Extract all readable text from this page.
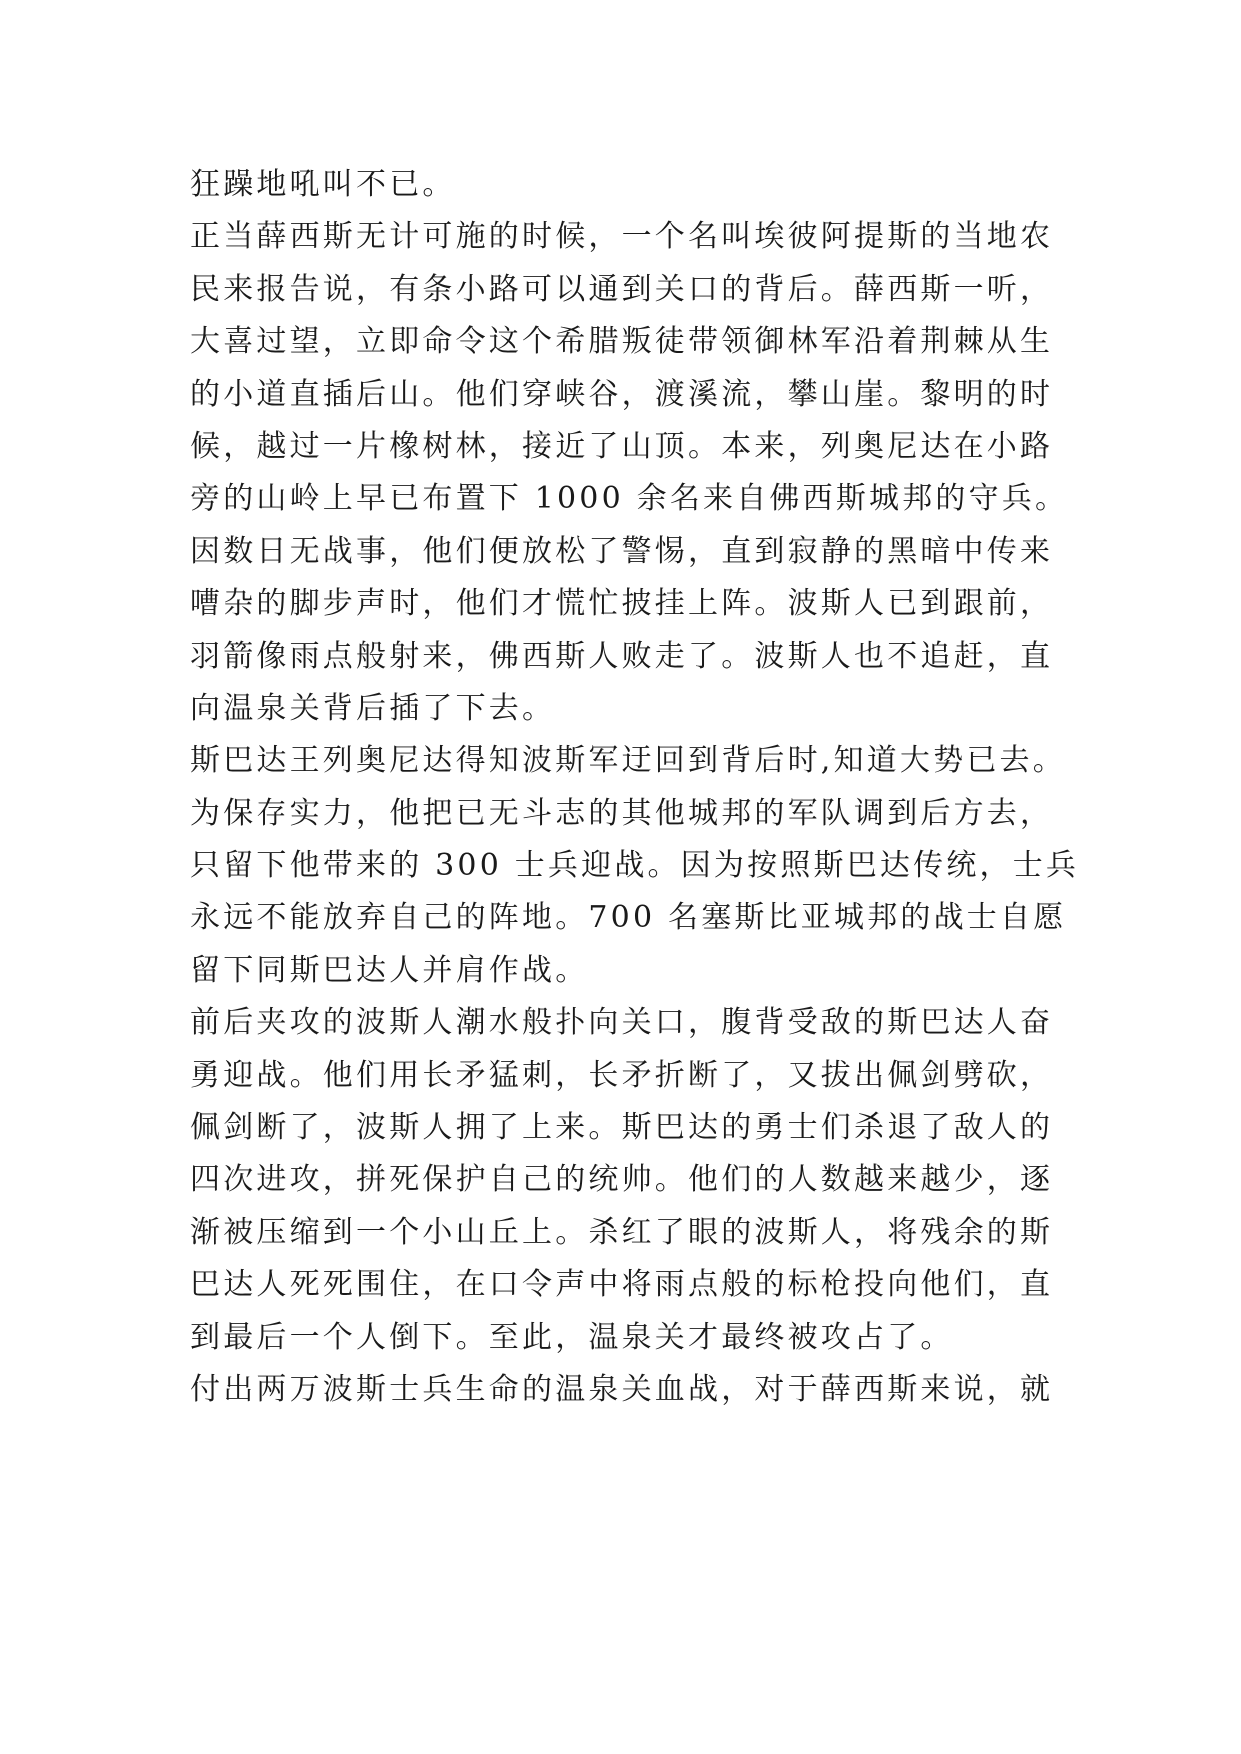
狂躁地吼叫不已。
正当薛西斯无计可施的时候，一个名叫埃彼阿提斯的当地农
民来报告说，有条小路可以通到关口的背后。薛西斯一听，
大喜过望，立即命令这个希腊叛徒带领御林军沿着荆棘从生
的小道直插后山。他们穿峡谷，渡溪流，攀山崖。黎明的时
候，越过一片橡树林，接近了山顶。本来，列奥尼达在小路
旁的山岭上早已布置下 1000 余名来自佛西斯城邦的守兵。
因数日无战事，他们便放松了警惕，直到寂静的黑暗中传来
嘈杂的脚步声时，他们才慌忙披挂上阵。波斯人已到跟前，
羽箭像雨点般射来，佛西斯人败走了。波斯人也不追赶，直
向温泉关背后插了下去。
斯巴达王列奥尼达得知波斯军迂回到背后时,知道大势已去。
为保存实力，他把已无斗志的其他城邦的军队调到后方去，
只留下他带来的 300 士兵迎战。因为按照斯巴达传统，士兵
永远不能放弃自己的阵地。700 名塞斯比亚城邦的战士自愿
留下同斯巴达人并肩作战。
前后夹攻的波斯人潮水般扑向关口，腹背受敌的斯巴达人奋
勇迎战。他们用长矛猛刺，长矛折断了，又拔出佩剑劈砍，
佩剑断了，波斯人拥了上来。斯巴达的勇士们杀退了敌人的
四次进攻，拼死保护自己的统帅。他们的人数越来越少，逐
渐被压缩到一个小山丘上。杀红了眼的波斯人，将残余的斯
巴达人死死围住，在口令声中将雨点般的标枪投向他们，直
到最后一个人倒下。至此，温泉关才最终被攻占了。
付出两万波斯士兵生命的温泉关血战，对于薛西斯来说，就
